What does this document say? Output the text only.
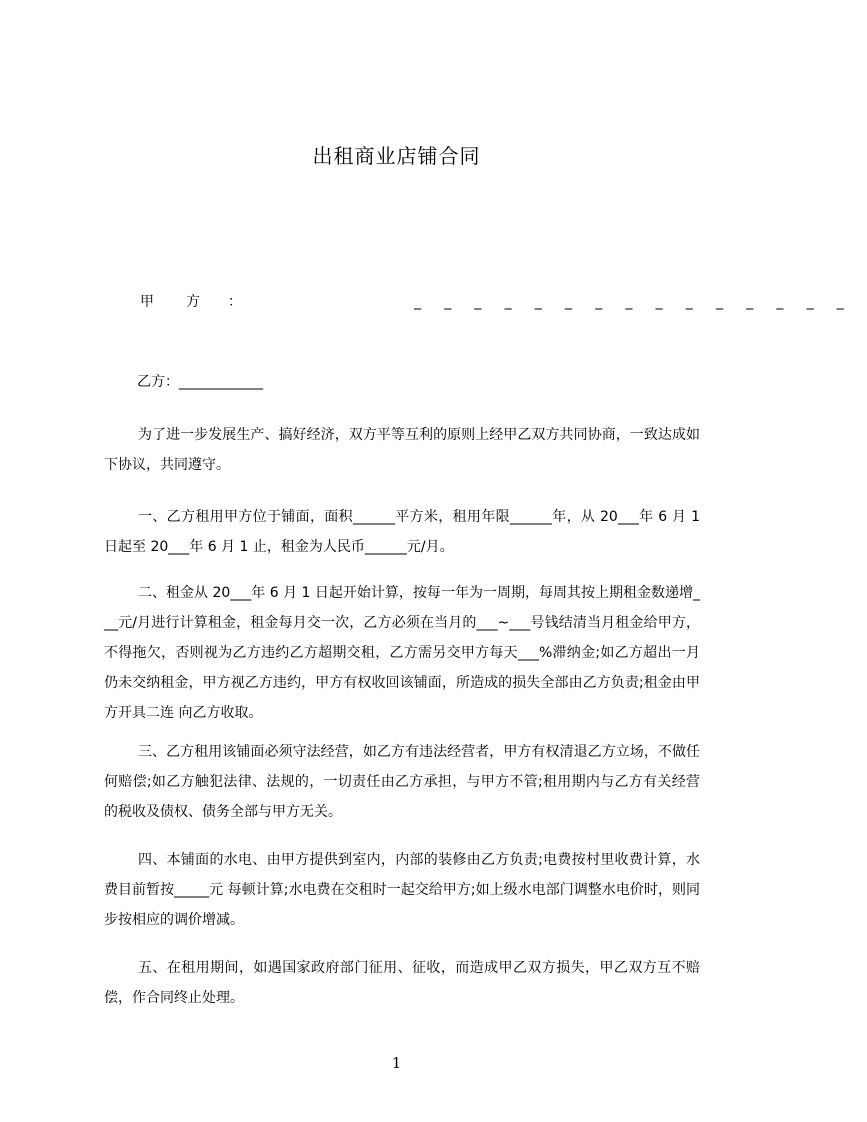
出租商业店铺合同
甲 方 ：	_______________
乙方：____________

为了进一步发展生产、搞好经济，双方平等互利的原则上经甲乙双方共同协商，一致达成如下协议，共同遵守。

一、乙方租用甲方位于铺面，面积______平方米，租用年限______年，从 20___年 6 月 1 日起至 20___年 6 月 1 止，租金为人民币______元/月。

二、租金从 20___年 6 月 1 日起开始计算，按每一年为一周期，每周其按上期租金数递增___元/月进行计算租金，租金每月交一次，乙方必须在当月的___~___号钱结清当月租金给甲方，不得拖欠，否则视为乙方违约乙方超期交租，乙方需另交甲方每天___%滞纳金;如乙方超出一月仍未交纳租金，甲方视乙方违约，甲方有权收回该铺面，所造成的损失全部由乙方负责;租金由甲方开具二连 向乙方收取。

三、乙方租用该铺面必须守法经营，如乙方有违法经营者，甲方有权清退乙方立场，不做任何赔偿;如乙方触犯法律、法规的，一切责任由乙方承担，与甲方不管;租用期内与乙方有关经营的税收及债权、债务全部与甲方无关。

四、本铺面的水电、由甲方提供到室内，内部的装修由乙方负责;电费按村里收费计算，水费目前暂按_____元 每顿计算;水电费在交租时一起交给甲方;如上级水电部门调整水电价时，则同步按相应的调价增减。

五、在租用期间，如遇国家政府部门征用、征收，而造成甲乙双方损失，甲乙双方互不赔偿，作合同终止处理。

1
